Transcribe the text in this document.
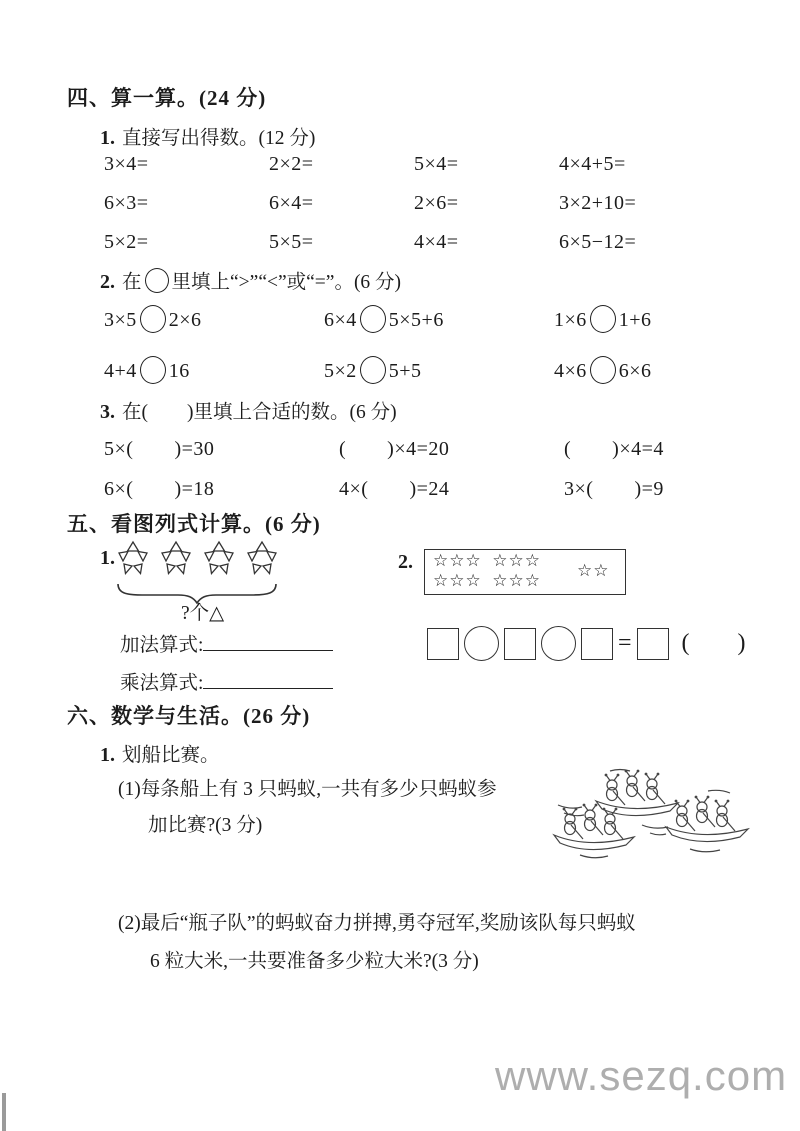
四、算一算。(24 分)
1. 直接写出得数。(12 分)
3×4=	2×2=	5×4=	4×4+5=
6×3=	6×4=	2×6=	3×2+10=
5×2=	5×5=	4×4=	6×5−12=
2. 在 里填上“>”“<”或“=”。(6 分)
3×5 2×6	6×4 5×5+6	1×6 1+6
4+4 16	5×2 5+5	4×6 6×6
3. 在(　　)里填上合适的数。(6 分)
5×(　　)=30	(　　)×4=20	(　　)×4=4
6×(　　)=18	4×(　　)=24	3×(　　)=9
五、看图列式计算。(6 分)
1.
?个△
2. ☆☆☆  ☆☆☆
☆☆☆  ☆☆☆
☆☆
= ( )
加法算式:
乘法算式:
六、数学与生活。(26 分)
1. 划船比赛。
(1)每条船上有 3 只蚂蚁,一共有多少只蚂蚁参
加比赛?(3 分)
(2)最后“瓶子队”的蚂蚁奋力拼搏,勇夺冠军,奖励该队每只蚂蚁
6 粒大米,一共要准备多少粒大米?(3 分)
www.sezq.com
